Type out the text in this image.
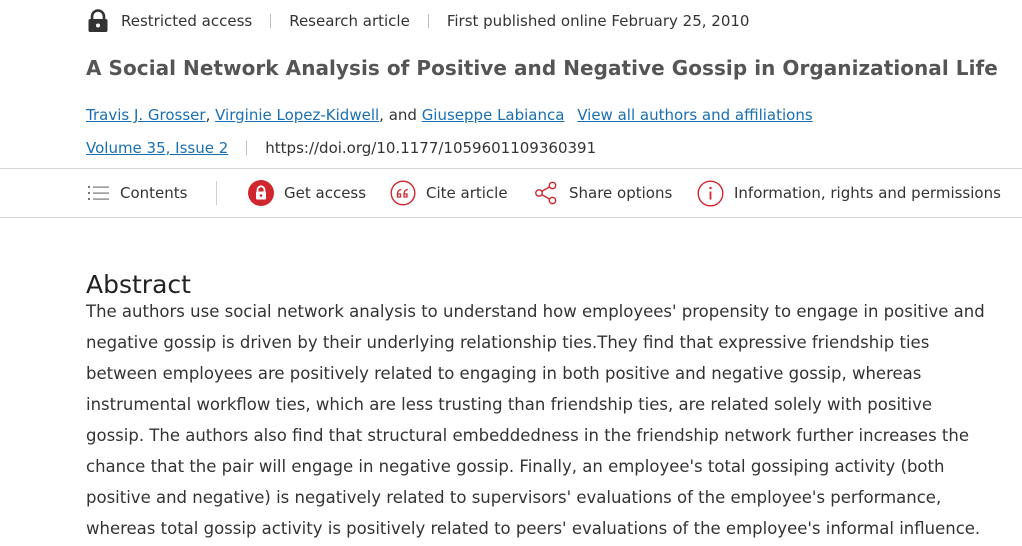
Restricted access Research article First published online February 25, 2010
A Social Network Analysis of Positive and Negative Gossip in Organizational Life
Travis J. Grosser, Virginie Lopez-Kidwell, and Giuseppe Labianca View all authors and affiliations
Volume 35, Issue 2 https://doi.org/10.1177/1059601109360391
Contents	Get access	Cite article	Share options	Information, rights and permissions
Abstract

The authors use social network analysis to understand how employees' propensity to engage in positive and negative gossip is driven by their underlying relationship ties.They find that expressive friendship ties between employees are positively related to engaging in both positive and negative gossip, whereas instrumental workflow ties, which are less trusting than friendship ties, are related solely with positive gossip. The authors also find that structural embeddedness in the friendship network further increases the chance that the pair will engage in negative gossip. Finally, an employee's total gossiping activity (both positive and negative) is negatively related to supervisors' evaluations of the employee's performance, whereas total gossip activity is positively related to peers' evaluations of the employee's informal influence.
